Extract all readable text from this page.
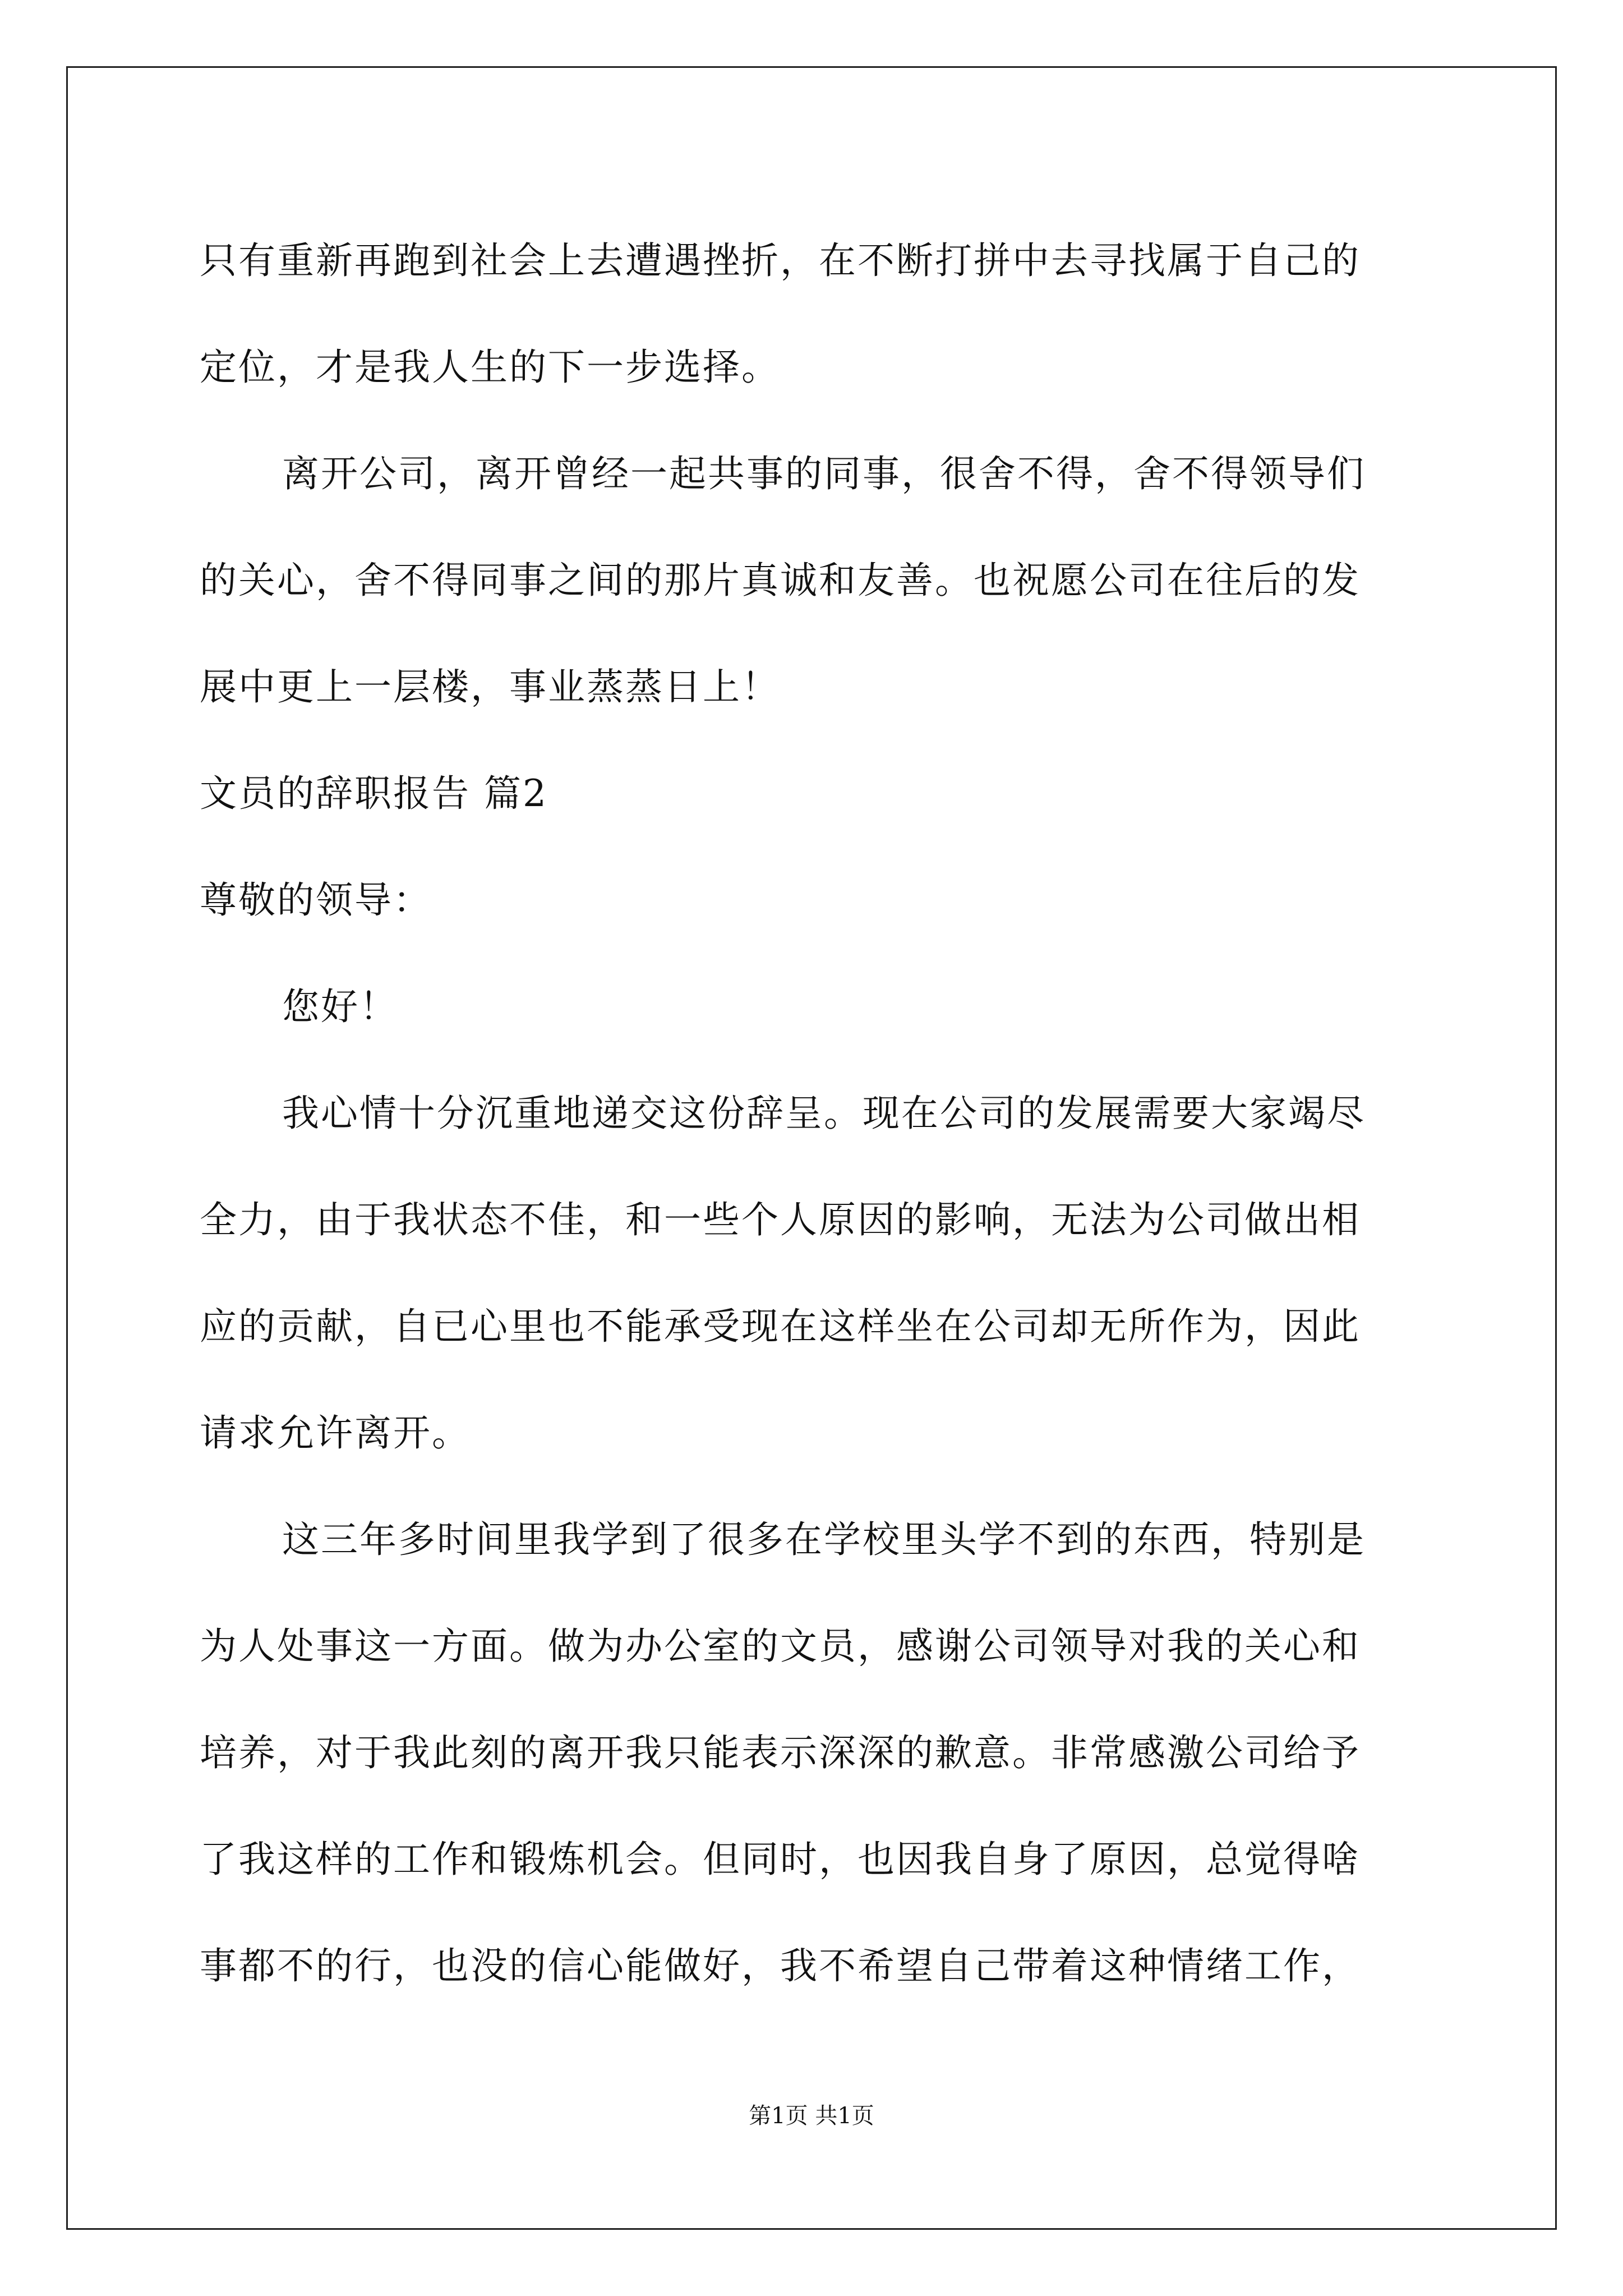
只有重新再跑到社会上去遭遇挫折，在不断打拼中去寻找属于自己的
定位，才是我人生的下一步选择。
离开公司，离开曾经一起共事的同事，很舍不得，舍不得领导们
的关心，舍不得同事之间的那片真诚和友善。也祝愿公司在往后的发
展中更上一层楼，事业蒸蒸日上！
文员的辞职报告 篇2
尊敬的领导：
您好！
我心情十分沉重地递交这份辞呈。现在公司的发展需要大家竭尽
全力，由于我状态不佳，和一些个人原因的影响，无法为公司做出相
应的贡献，自已心里也不能承受现在这样坐在公司却无所作为，因此
请求允许离开。
这三年多时间里我学到了很多在学校里头学不到的东西，特别是
为人处事这一方面。做为办公室的文员，感谢公司领导对我的关心和
培养，对于我此刻的离开我只能表示深深的歉意。非常感激公司给予
了我这样的工作和锻炼机会。但同时，也因我自身了原因，总觉得啥
事都不的行，也没的信心能做好，我不希望自己带着这种情绪工作，
第1页 共1页
